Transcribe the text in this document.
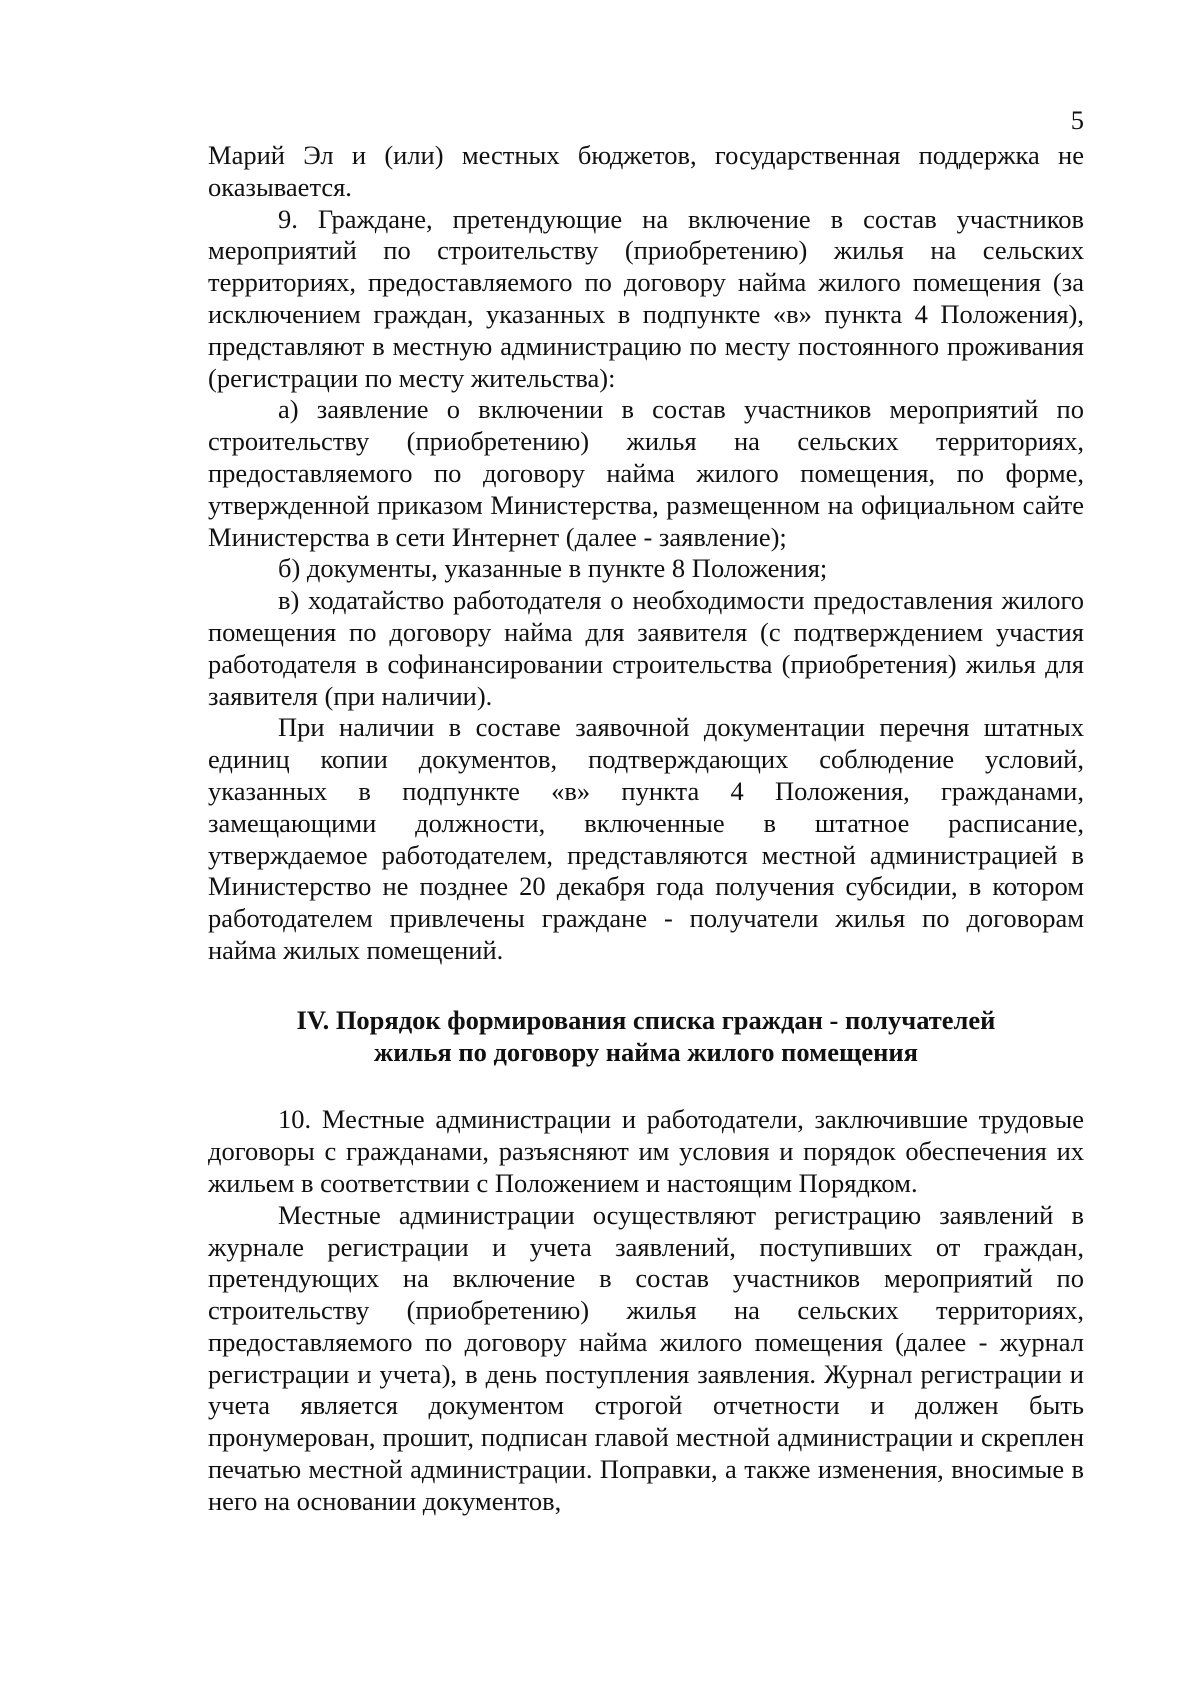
5

Марий Эл и (или) местных бюджетов, государственная поддержка не оказывается.

9. Граждане, претендующие на включение в состав участников мероприятий по строительству (приобретению) жилья на сельских территориях, предоставляемого по договору найма жилого помещения (за исключением граждан, указанных в подпункте «в» пункта 4 Положения), представляют в местную администрацию по месту постоянного проживания (регистрации по месту жительства):

а) заявление о включении в состав участников мероприятий по строительству (приобретению) жилья на сельских территориях, предоставляемого по договору найма жилого помещения, по форме, утвержденной приказом Министерства, размещенном на официальном сайте Министерства в сети Интернет (далее - заявление);

б) документы, указанные в пункте 8 Положения;

в) ходатайство работодателя о необходимости предоставления жилого помещения по договору найма для заявителя (с подтверждением участия работодателя в софинансировании строительства (приобретения) жилья для заявителя (при наличии).

При наличии в составе заявочной документации перечня штатных единиц копии документов, подтверждающих соблюдение условий, указанных в подпункте «в» пункта 4 Положения, гражданами, замещающими должности, включенные в штатное расписание, утверждаемое работодателем, представляются местной администрацией в Министерство не позднее 20 декабря года получения субсидии, в котором работодателем привлечены граждане - получатели жилья по договорам найма жилых помещений.

IV. Порядок формирования списка граждан - получателей
жилья по договору найма жилого помещения

10. Местные администрации и работодатели, заключившие трудовые договоры с гражданами, разъясняют им условия и порядок обеспечения их жильем в соответствии с Положением и настоящим Порядком.

Местные администрации осуществляют регистрацию заявлений в журнале регистрации и учета заявлений, поступивших от граждан, претендующих на включение в состав участников мероприятий по строительству (приобретению) жилья на сельских территориях, предоставляемого по договору найма жилого помещения (далее - журнал регистрации и учета), в день поступления заявления. Журнал регистрации и учета является документом строгой отчетности и должен быть пронумерован, прошит, подписан главой местной администрации и скреплен печатью местной администрации. Поправки, а также изменения, вносимые в него на основании документов,
